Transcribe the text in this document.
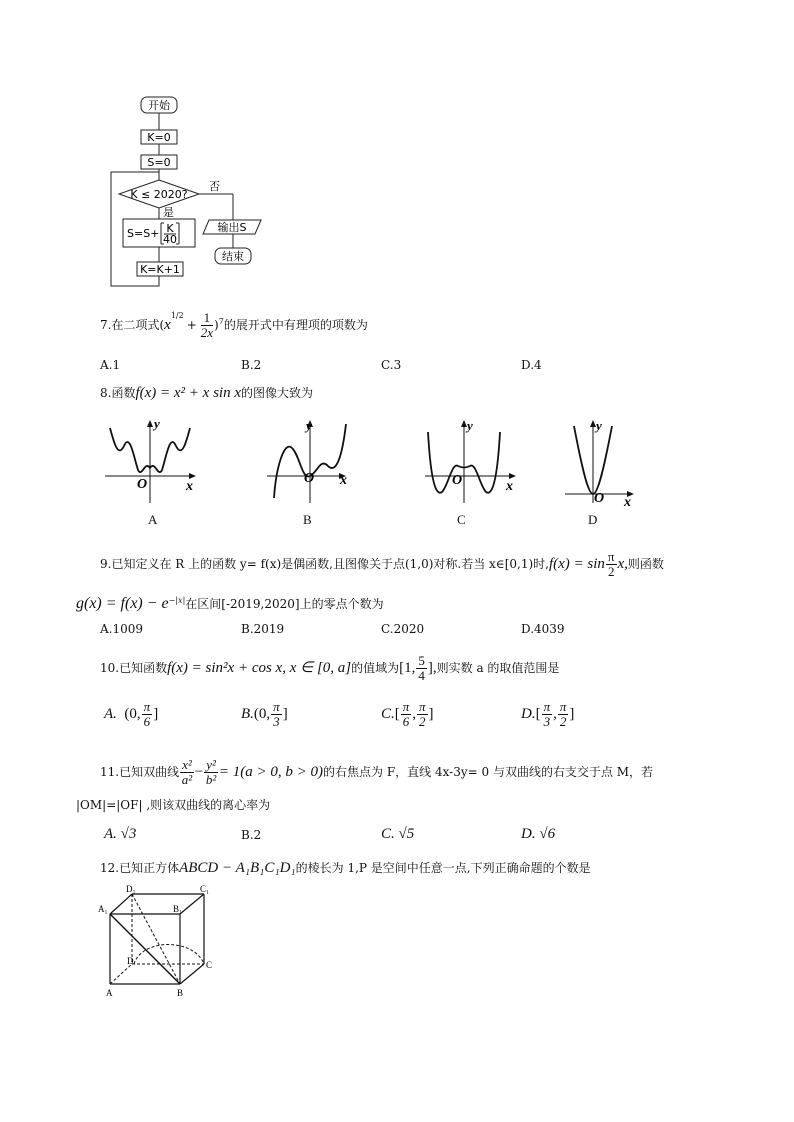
开始
K=0
S=0
K ≤ 2020?
否
输出S
结束
是
S=S+ K
40
K=K+1
7.在二项式$(x^{1/2}+ \frac{1}{2x} )^7$的展开式中有理项的项数为
A.1	B.2	C.3	D.4
8.函数f(x) = x² + x sin x的图像大致为
y
O	x
A
y
O x
B
y
O	x
C
y
O x
D
9.已知定义在 R 上的函数 y= f(x)是偶函数,且图像关于点(1,0)对称.若当 x∈[0,1)时$,f(x) = \sin \frac{\pi}{2} x$,则函数
$g(x) = f(x) - e^{-|x|}$在区间[-2019,2020]上的零点个数为
A.1009	B.2019	C.2020	D.4039
10.已知函数f(x) = sin²x + cos x, x ∈ [0, a]的值域为[1, $\frac{5}{4}$ ],则实数 a 的取值范围是
A. (0, $\frac{\pi}{6}$ ]	B.(0, $\frac{\pi}{3}$ ]	$C.[ \frac{\pi}{6}$ , $\frac{\pi}{2}$ ]	$D.[ \frac{\pi}{3}$ , $\frac{\pi}{2}$ ]
11.已知双曲线 $\frac{\text{x²}}{\text{a²}} - \frac{\text{y²}}{\text{b²}} = 1(a > 0$, b > 0)的右焦点为 F，直线 4x-3y= 0 与双曲线的右支交于点 M，若
|OM|=|OF| ,则该双曲线的离心率为
A. √3	B.2	C. √5	D. √6
12.已知正方体ABCD − A₁B₁C₁D₁的棱长为 1,P 是空间中任意一点,下列正确命题的个数是
D₁	C₁
A₁	B₁
D	C
A	B
